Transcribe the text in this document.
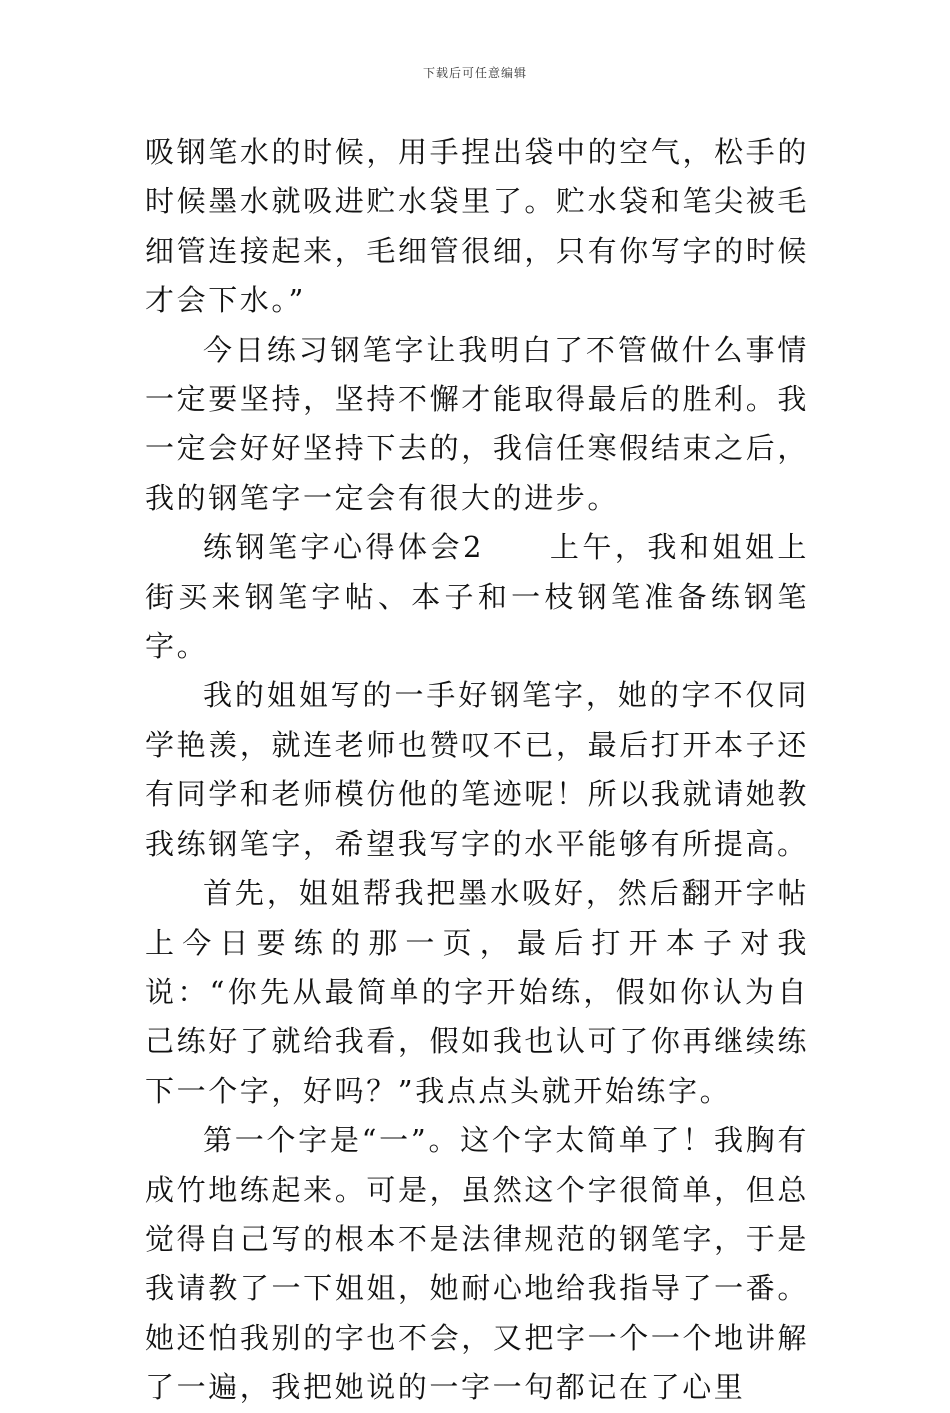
下载后可任意编辑

吸钢笔水的时候，用手捏出袋中的空气，松手的时候墨水就吸进贮水袋里了。贮水袋和笔尖被毛细管连接起来，毛细管很细，只有你写字的时候才会下水。”

今日练习钢笔字让我明白了不管做什么事情一定要坚持，坚持不懈才能取得最后的胜利。我一定会好好坚持下去的，我信任寒假结束之后，我的钢笔字一定会有很大的进步。

练钢笔字心得体会2　　上午，我和姐姐上街买来钢笔字帖、本子和一枝钢笔准备练钢笔字。

我的姐姐写的一手好钢笔字，她的字不仅同学艳羡，就连老师也赞叹不已，最后打开本子还有同学和老师模仿他的笔迹呢！所以我就请她教我练钢笔字，希望我写字的水平能够有所提高。

首先，姐姐帮我把墨水吸好，然后翻开字帖上今日要练的那一页，最后打开本子对我说：“你先从最简单的字开始练，假如你认为自己练好了就给我看，假如我也认可了你再继续练下一个字，好吗？”我点点头就开始练字。

第一个字是“一”。这个字太简单了！我胸有成竹地练起来。可是，虽然这个字很简单，但总觉得自己写的根本不是法律规范的钢笔字，于是我请教了一下姐姐，她耐心地给我指导了一番。她还怕我别的字也不会，又把字一个一个地讲解了一遍，我把她说的一字一句都记在了心里
